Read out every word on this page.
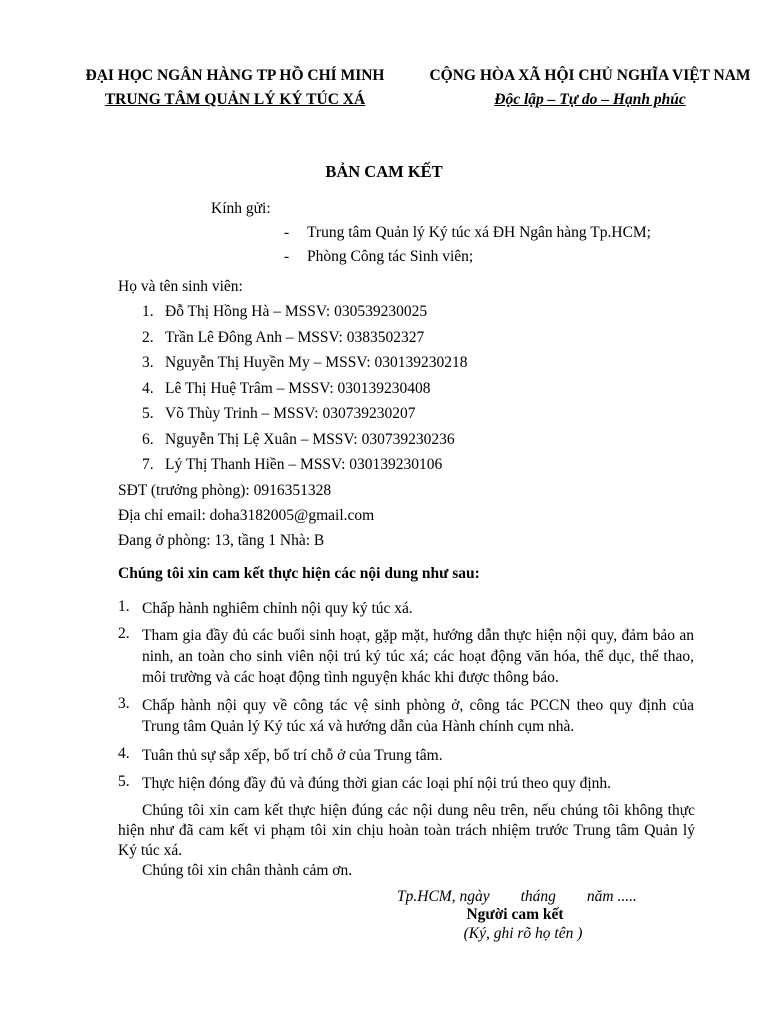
ĐẠI HỌC NGÂN HÀNG TP HỒ CHÍ MINH
TRUNG TÂM QUẢN LÝ KÝ TÚC XÁ
CỘNG HÒA XÃ HỘI CHỦ NGHĨA VIỆT NAM
Độc lập – Tự do – Hạnh phúc
BẢN CAM KẾT
Kính gửi:
- Trung tâm Quản lý Ký túc xá ĐH Ngân hàng Tp.HCM;
- Phòng Công tác Sinh viên;
Họ và tên sinh viên:
1. Đỗ Thị Hồng Hà – MSSV: 030539230025
2. Trần Lê Đông Anh – MSSV: 0383502327
3. Nguyễn Thị Huyền My – MSSV: 030139230218
4. Lê Thị Huệ Trâm – MSSV: 030139230408
5. Võ Thùy Trinh – MSSV: 030739230207
6. Nguyễn Thị Lệ Xuân – MSSV: 030739230236
7. Lý Thị Thanh Hiền – MSSV: 030139230106
SĐT (trưởng phòng): 0916351328
Địa chỉ email: doha3182005@gmail.com
Đang ở phòng: 13, tầng 1 Nhà: B
Chúng tôi xin cam kết thực hiện các nội dung như sau:
1. Chấp hành nghiêm chỉnh nội quy ký túc xá.
2. Tham gia đầy đủ các buổi sinh hoạt, gặp mặt, hướng dẫn thực hiện nội quy, đảm bảo an ninh, an toàn cho sinh viên nội trú ký túc xá; các hoạt động văn hóa, thể dục, thể thao, môi trường và các hoạt động tình nguyện khác khi được thông báo.
3. Chấp hành nội quy về công tác vệ sinh phòng ở, công tác PCCN theo quy định của Trung tâm Quản lý Ký túc xá và hướng dẫn của Hành chính cụm nhà.
4. Tuân thủ sự sắp xếp, bố trí chỗ ở của Trung tâm.
5. Thực hiện đóng đầy đủ và đúng thời gian các loại phí nội trú theo quy định.
Chúng tôi xin cam kết thực hiện đúng các nội dung nêu trên, nếu chúng tôi không thực hiện như đã cam kết vi phạm tôi xin chịu hoàn toàn trách nhiệm trước Trung tâm Quản lý Ký túc xá.
Chúng tôi xin chân thành cảm ơn.
Tp.HCM, ngày        tháng        năm .....
Người cam kết
(Ký, ghi rõ họ tên )
